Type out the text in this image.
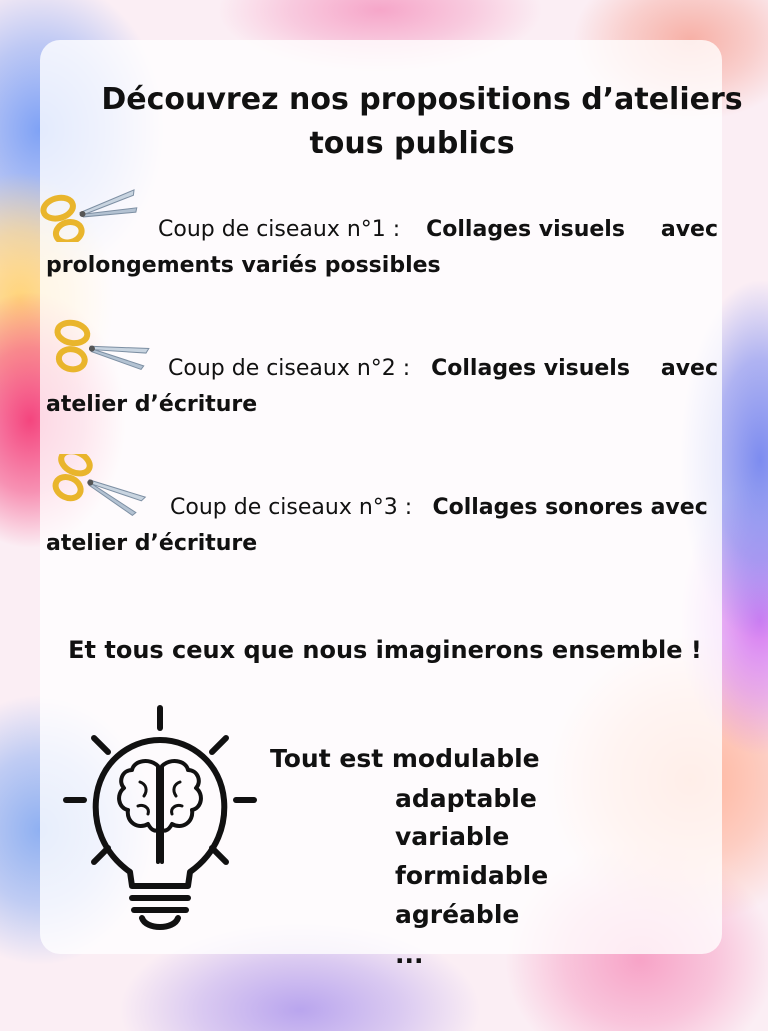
Découvrez nos propositions d’ateliers
tous publics
Coup de ciseaux n°1 : Collages visuels avec
prolongements variés possibles
Coup de ciseaux n°2 : Collages visuels avec
atelier d’écriture
Coup de ciseaux n°3 : Collages sonores avec
atelier d’écriture
Et tous ceux que nous imaginerons ensemble !
Tout est modulable
adaptable
variable
formidable
agréable
...
